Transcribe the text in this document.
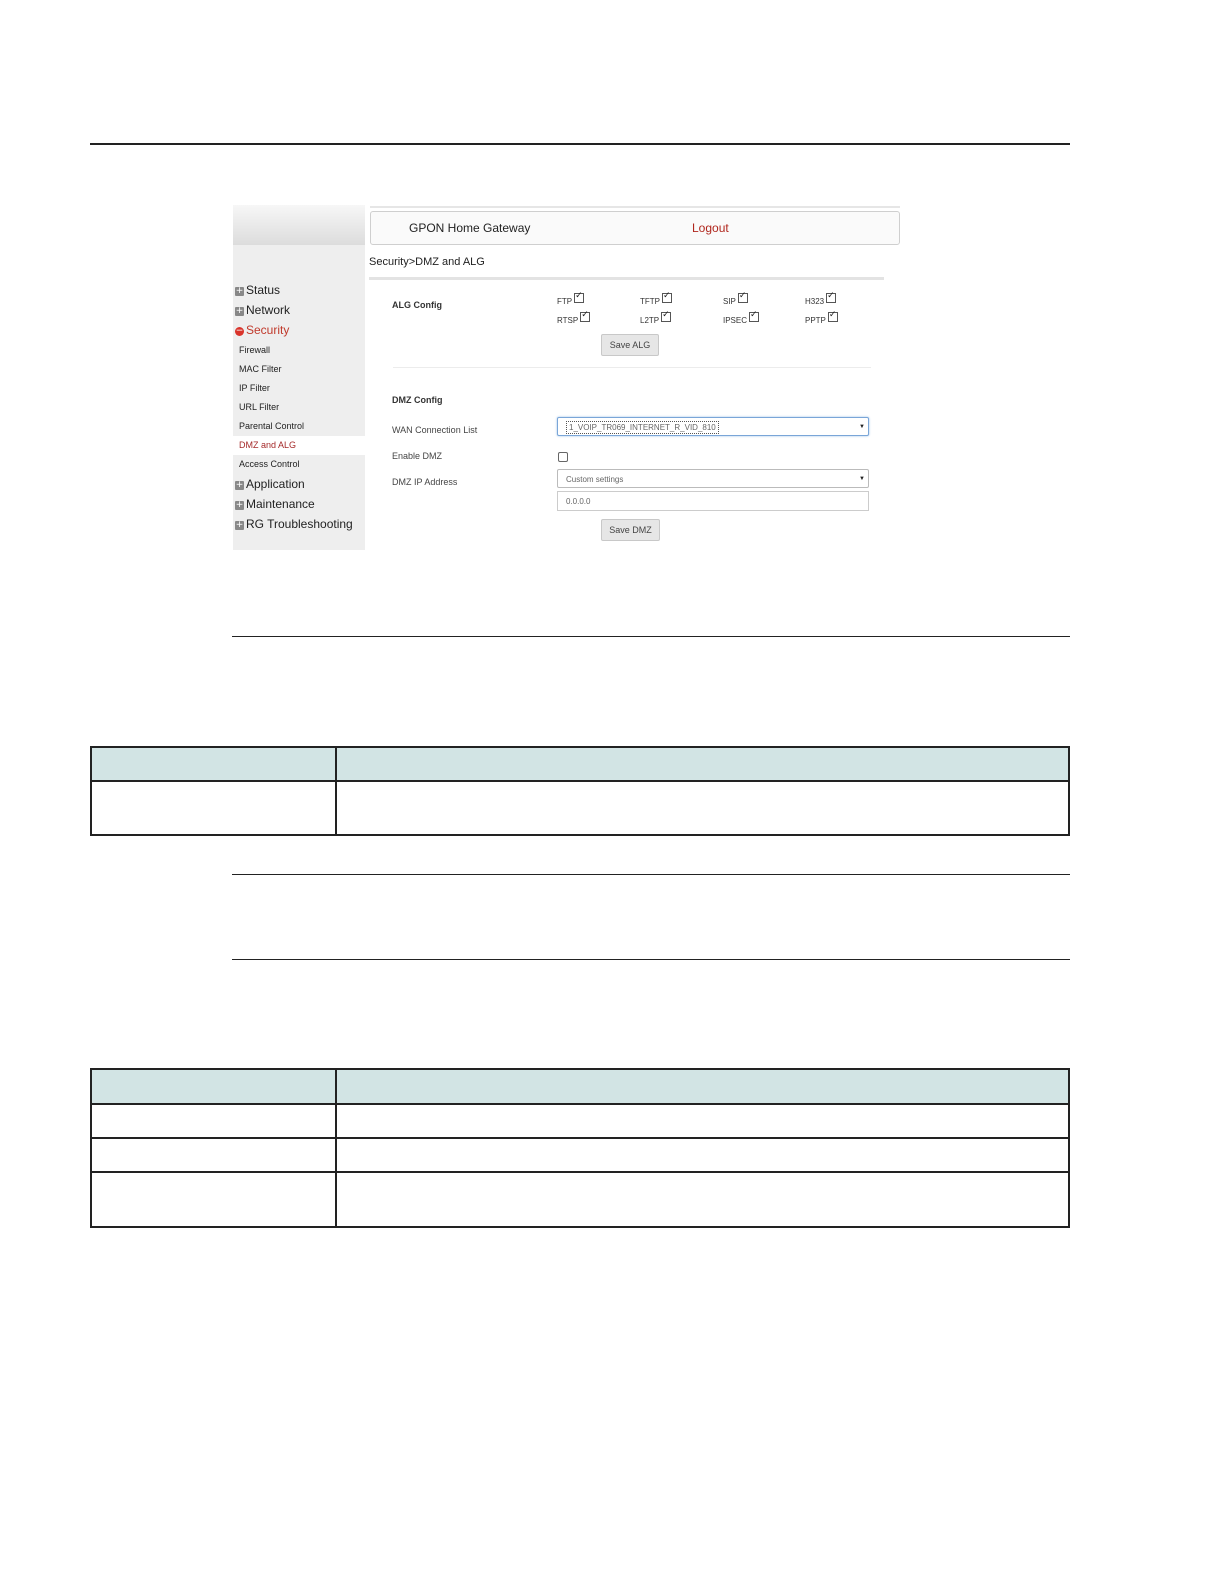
+ Status
+ Network
− Security
Firewall
MAC Filter
IP Filter
URL Filter
Parental Control
DMZ and ALG
Access Control
+ Application
+ Maintenance
+ RG Troubleshooting
GPON Home Gateway	Logout
Security>DMZ and ALG
ALG Config	FTP ✓	TFTP ✓	SIP ✓	H323✓
RTSP ✓	L2TP ✓	IPSEC ✓	PPTP✓
Save ALG
DMZ Config
WAN Connection List	1_VOIP_TR069_INTERNET_R_VID_810	▼
Enable DMZ
DMZ IP Address	Custom settings	▼
0.0.0.0
Save DMZ
